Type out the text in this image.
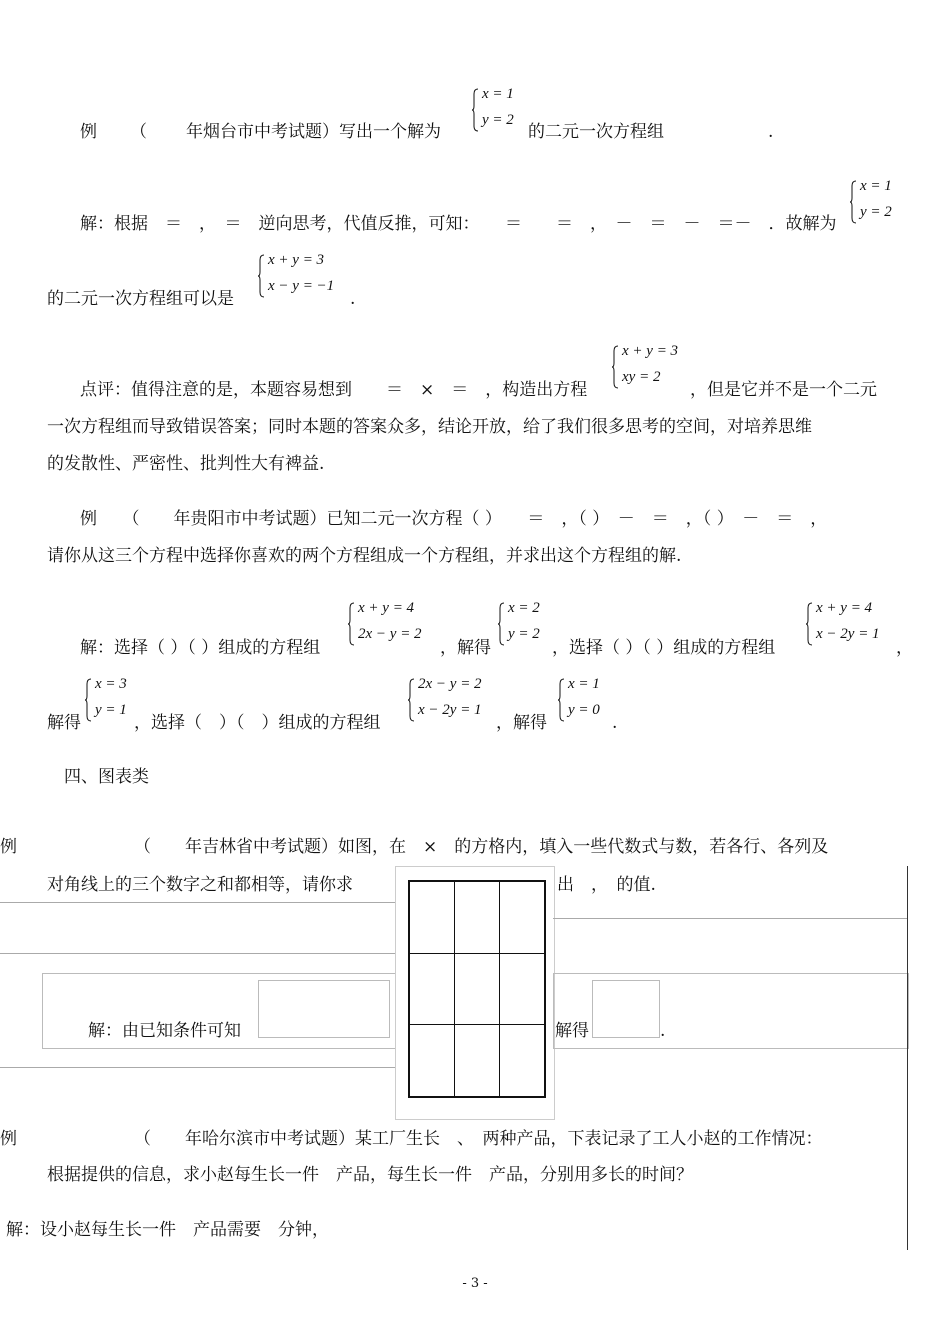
例 （ 年烟台市中考试题）写出一个解为
x = 1
y = 2
的二元一次方程组	.
解：根据　＝　，　＝　逆向思考，代值反推，可知：　　＝　　＝　，　－　＝　－　＝－　．故解为
x = 1
y = 2
的二元一次方程组可以是
x + y = 3
x − y = −1
.
点评：值得注意的是，本题容易想到　　＝　×　＝　，构造出方程
x + y = 3
xy = 2
，但是它并不是一个二元
一次方程组而导致错误答案；同时本题的答案众多，结论开放，给了我们很多思考的空间，对培养思维
的发散性、严密性、批判性大有裨益.
例　　（　　年贵阳市中考试题）已知二元一次方程（ ）　　＝　，（ ）　－　＝　，（ ）　－　＝　，
请你从这三个方程中选择你喜欢的两个方程组成一个方程组，并求出这个方程组的解.
解：选择（ ）（ ）组成的方程组
x + y = 4
2x − y = 2
，解得
x = 2
y = 2
，选择（ ）（ ）组成的方程组
x + y = 4
x − 2y = 1
，
解得
x = 3
y = 1
，选择（　）（　）组成的方程组
2x − y = 2
x − 2y = 1
，解得
x = 1
y = 0
.
四、图表类
例	（　　年吉林省中考试题）如图，在　×　的方格内，填入一些代数式与数，若各行、各列及
对角线上的三个数字之和都相等，请你求	出　，　的值.
解：由已知条件可知	解得	.
例	（　　年哈尔滨市中考试题）某工厂生长　、　两种产品，下表记录了工人小赵的工作情况：
根据提供的信息，求小赵每生长一件　产品，每生长一件　产品，分别用多长的时间？
解：设小赵每生长一件　产品需要　分钟，
- 3 -
